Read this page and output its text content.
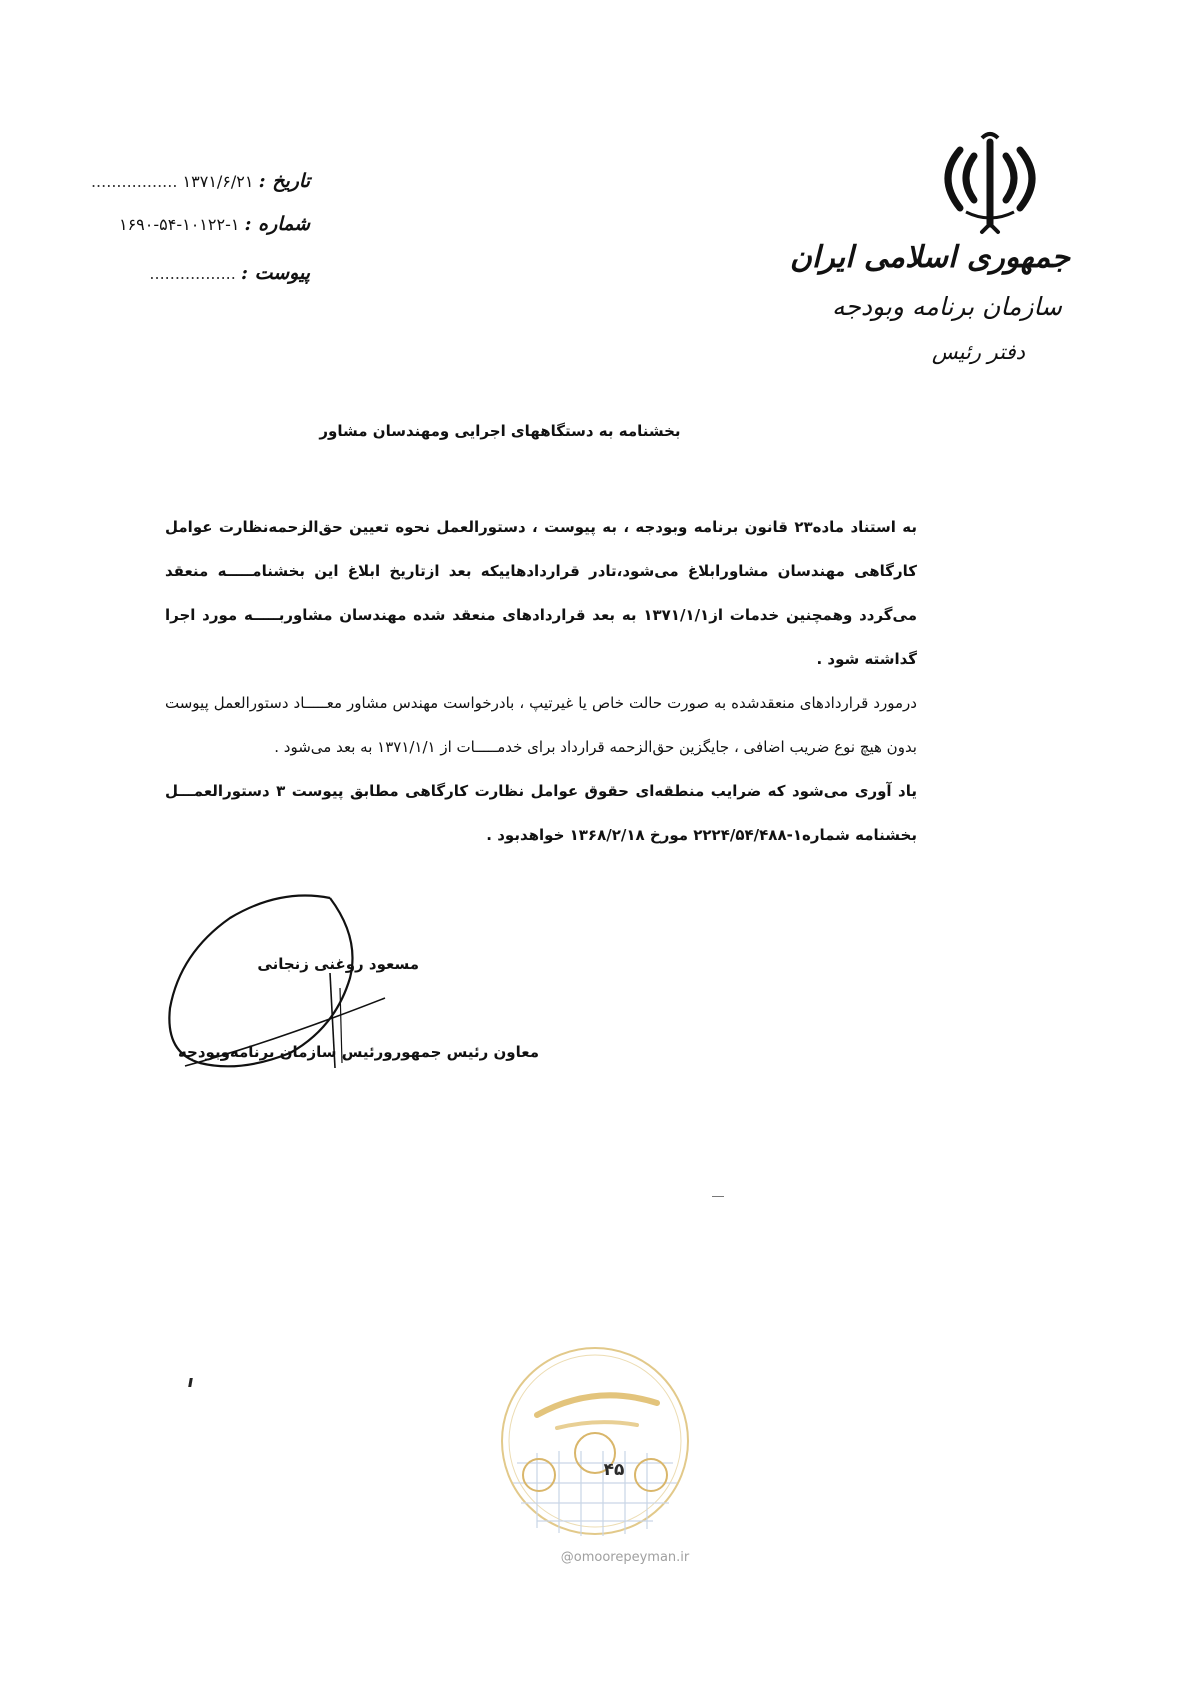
جمهوری اسلامی ایران
سازمان برنامه وبودجه
دفتر رئیس
تاریخ : ۱۳۷۱/۶/۲۱ .................
شماره : ۱-۱۰۱۲۲-۵۴-۱۶۹۰
پیوست : .................
بخشنامه به دستگاههای اجرایی ومهندسان مشاور

به استناد ماده۲۳ قانون برنامه وبودجه ، به پیوست ، دستورالعمل نحوه تعیین حق‌الزحمه‌نظارت عوامل کارگاهی مهندسان مشاورابلاغ می‌شود،تادر قراردادهاییکه بعد ازتاریخ ابلاغ این بخشنامـــــه منعقد می‌گردد وهمچنین خدمات از۱۳۷۱/۱/۱ به بعد قراردادهای منعقد شده مهندسان مشاوربـــــه مورد اجرا گداشته شود .

درمورد قراردادهای منعقدشده به صورت حالت خاص یا غیرتیپ ، بادرخواست مهندس مشاور معـــــاد دستورالعمل پیوست بدون هیچ نوع ضریب اضافی ، جایگزین حق‌الزحمه قرارداد برای خدمـــــات از ۱۳۷۱/۱/۱ به بعد می‌شود .

یاد آوری می‌شود که ضرایب منطقه‌ای حقوق عوامل نظارت کارگاهی مطابق پیوست ۳ دستورالعمـــل بخشنامه شماره۱-۲۲۲۴/۵۴/۴۸۸ مورخ ۱۳۶۸/۲/۱۸ خواهدبود .

مسعود روغنی زنجانی
معاون رئیس جمهورورئیس سازمان برنامه‌وبودجه
۴۵
@omoorepeyman.ir
